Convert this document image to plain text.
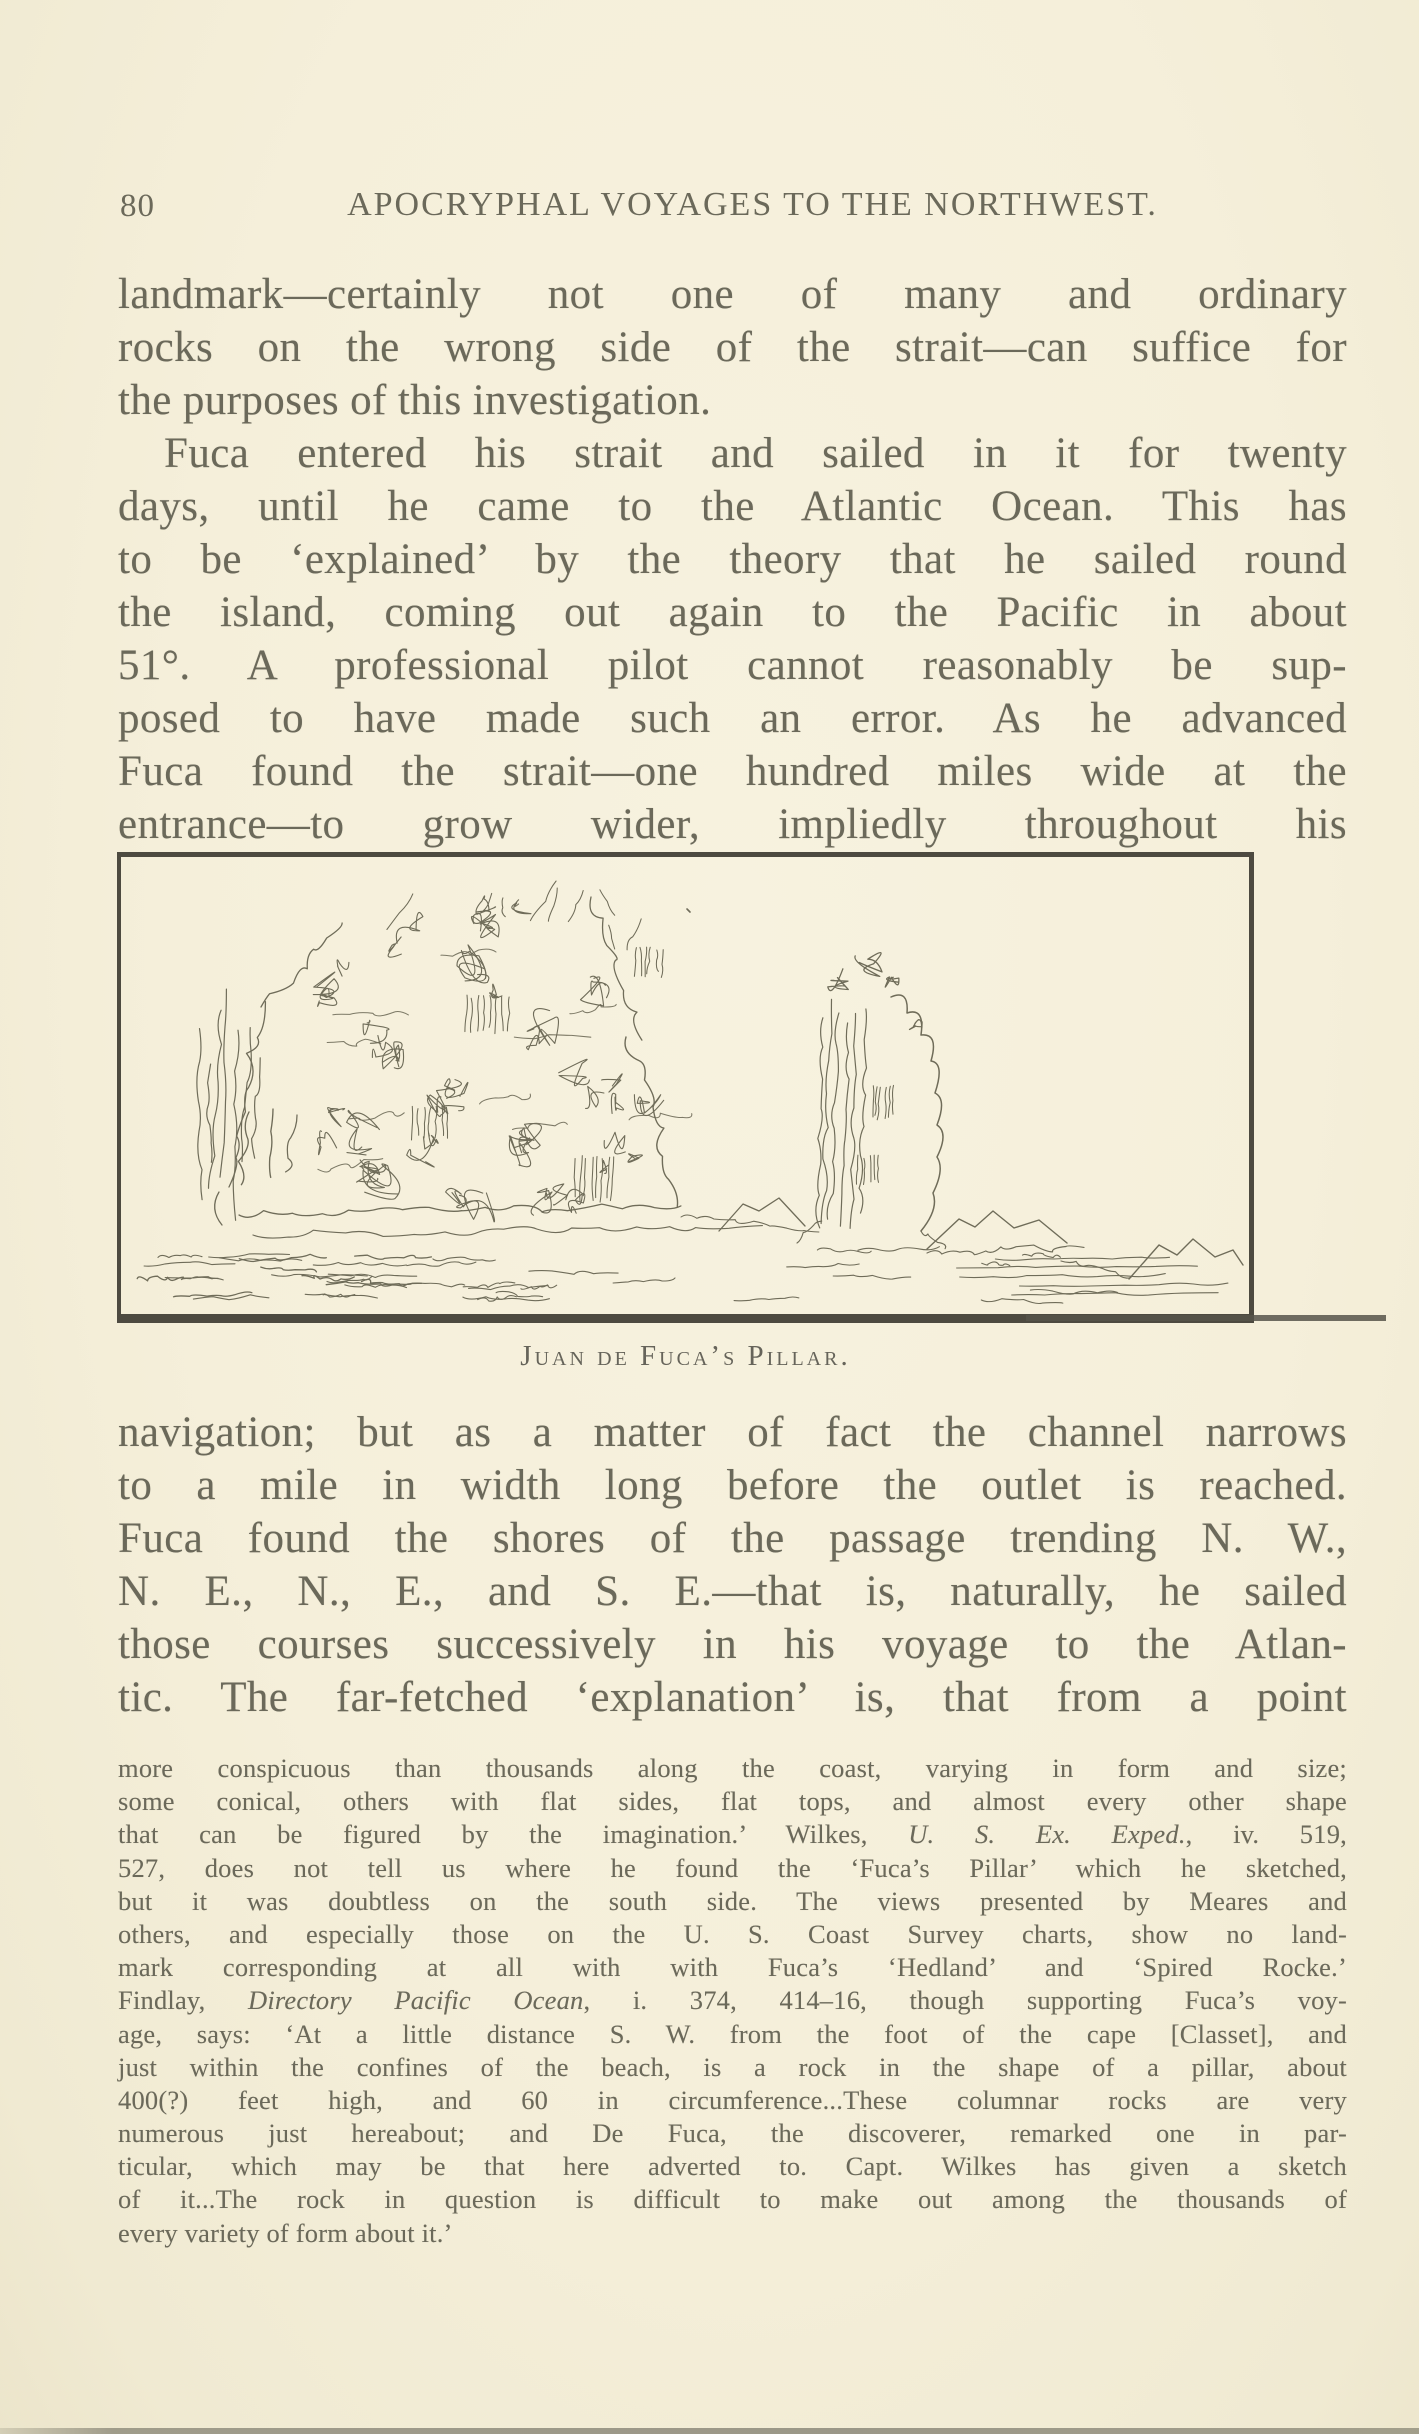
80	APOCRYPHAL VOYAGES TO THE NORTHWEST.
landmark—certainly not one of many and ordinary
rocks on the wrong side of the strait—can suffice for
the purposes of this investigation.
Fuca entered his strait and sailed in it for twenty
days, until he came to the Atlantic Ocean. This has
to be ‘explained’ by the theory that he sailed round
the island, coming out again to the Pacific in about
51°. A professional pilot cannot reasonably be sup-
posed to have made such an error. As he advanced
Fuca found the strait—one hundred miles wide at the
entrance—to grow wider, impliedly throughout his
Juan de Fuca’s Pillar.
navigation; but as a matter of fact the channel narrows
to a mile in width long before the outlet is reached.
Fuca found the shores of the passage trending N. W.,
N. E., N., E., and S. E.—that is, naturally, he sailed
those courses successively in his voyage to the Atlan-
tic. The far-fetched ‘explanation’ is, that from a point
more conspicuous than thousands along the coast, varying in form and size;
some conical, others with flat sides, flat tops, and almost every other shape
that can be figured by the imagination.’ Wilkes, U. S. Ex. Exped., iv. 519,
527, does not tell us where he found the ‘Fuca’s Pillar’ which he sketched,
but it was doubtless on the south side. The views presented by Meares and
others, and especially those on the U. S. Coast Survey charts, show no land-
mark corresponding at all with with Fuca’s ‘Hedland’ and ‘Spired Rocke.’
Findlay, Directory Pacific Ocean, i. 374, 414–16, though supporting Fuca’s voy-
age, says: ‘At a little distance S. W. from the foot of the cape [Classet], and
just within the confines of the beach, is a rock in the shape of a pillar, about
400(?) feet high, and 60 in circumference...These columnar rocks are very
numerous just hereabout; and De Fuca, the discoverer, remarked one in par-
ticular, which may be that here adverted to. Capt. Wilkes has given a sketch
of it...The rock in question is difficult to make out among the thousands of
every variety of form about it.’
